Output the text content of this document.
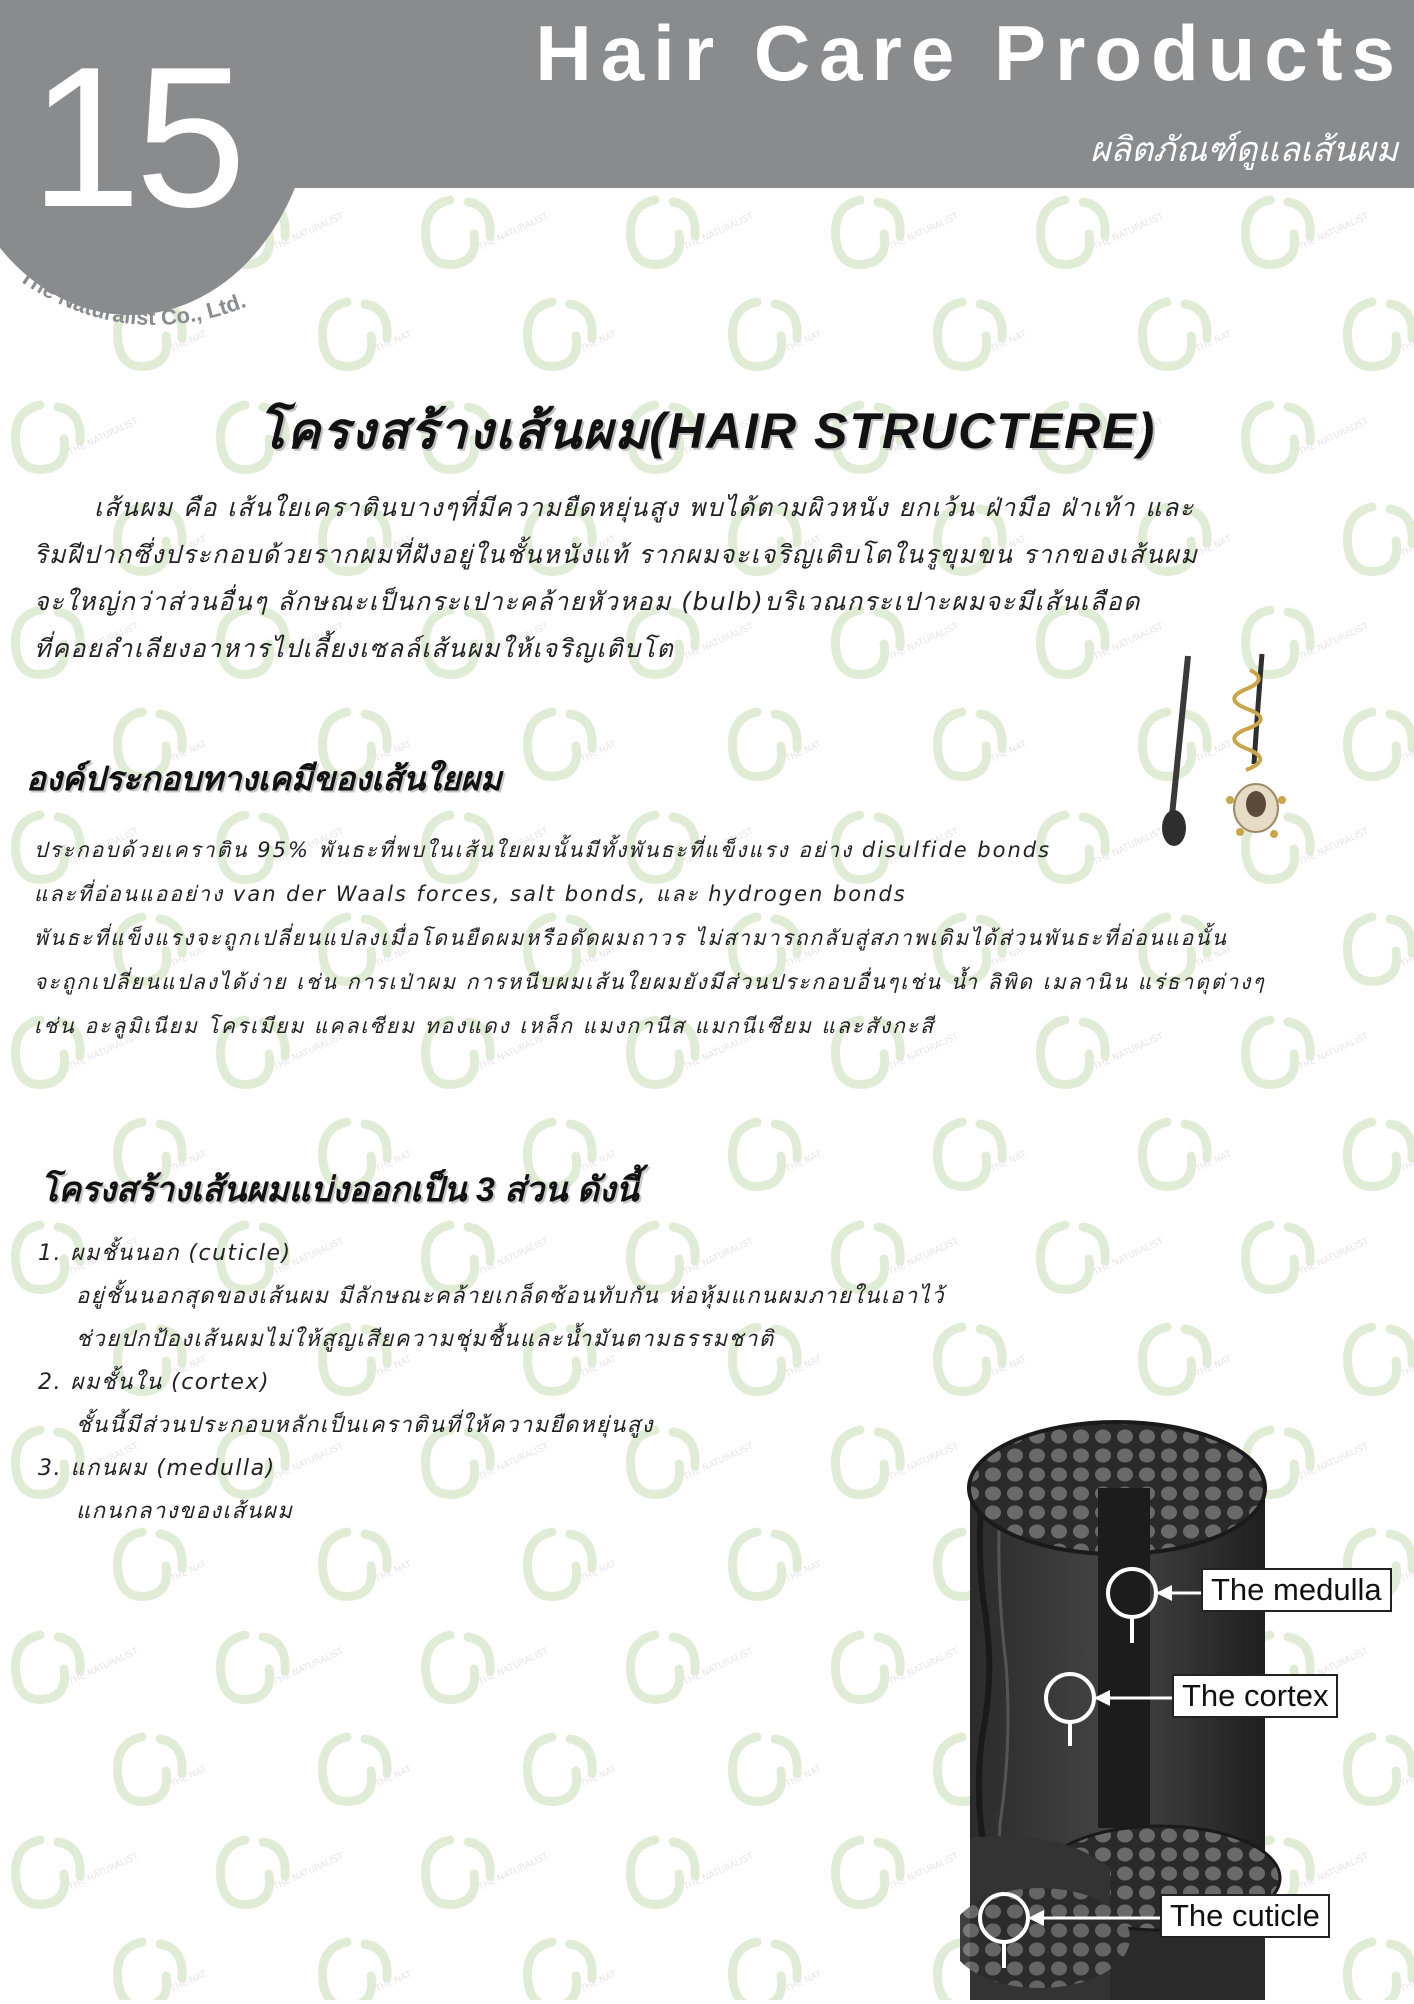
15	Hair Care Products
ผลิตภัณฑ์ดูแลเส้นผม
The Naturalist Co., Ltd.
โครงสร้างเส้นผม(HAIR STRUCTERE)
เส้นผม คือ เส้นใยเคราตินบางๆที่มีความยืดหยุ่นสูง พบได้ตามผิวหนัง ยกเว้น ฝ่ามือ ฝ่าเท้า และ
ริมฝีปากซึ่งประกอบด้วยรากผมที่ฝังอยู่ในชั้นหนังแท้ รากผมจะเจริญเติบโตในรูขุมขน รากของเส้นผม
จะใหญ่กว่าส่วนอื่นๆ ลักษณะเป็นกระเปาะคล้ายหัวหอม (bulb)บริเวณกระเปาะผมจะมีเส้นเลือด
ที่คอยลำเลียงอาหารไปเลี้ยงเซลล์เส้นผมให้เจริญเติบโต
องค์ประกอบทางเคมีของเส้นใยผม
ประกอบด้วยเคราติน 95% พันธะที่พบในเส้นใยผมนั้นมีทั้งพันธะที่แข็งแรง อย่าง disulfide bonds
และที่อ่อนแออย่าง van der Waals forces, salt bonds, และ hydrogen bonds
พันธะที่แข็งแรงจะถูกเปลี่ยนแปลงเมื่อโดนยืดผมหรือดัดผมถาวร ไม่สามารถกลับสู่สภาพเดิมได้ส่วนพันธะที่อ่อนแอนั้น
จะถูกเปลี่ยนแปลงได้ง่าย เช่น การเป่าผม การหนีบผมเส้นใยผมยังมีส่วนประกอบอื่นๆเช่น น้ำ ลิพิด เมลานิน แร่ธาตุต่างๆ
เช่น อะลูมิเนียม โครเมียม แคลเซียม ทองแดง เหล็ก แมงกานีส แมกนีเซียม และสังกะสี
โครงสร้างเส้นผมแบ่งออกเป็น 3 ส่วน ดังนี้
1. ผมชั้นนอก (cuticle)
อยู่ชั้นนอกสุดของเส้นผม มีลักษณะคล้ายเกล็ดซ้อนทับกัน ห่อหุ้มแกนผมภายในเอาไว้
ช่วยปกป้องเส้นผมไม่ให้สูญเสียความชุ่มชื้นและน้ำมันตามธรรมชาติ
2. ผมชั้นใน (cortex)
ชั้นนี้มีส่วนประกอบหลักเป็นเคราตินที่ให้ความยืดหยุ่นสูง
3. แกนผม (medulla)
แกนกลางของเส้นผม
The medulla
The cortex
The cuticle
